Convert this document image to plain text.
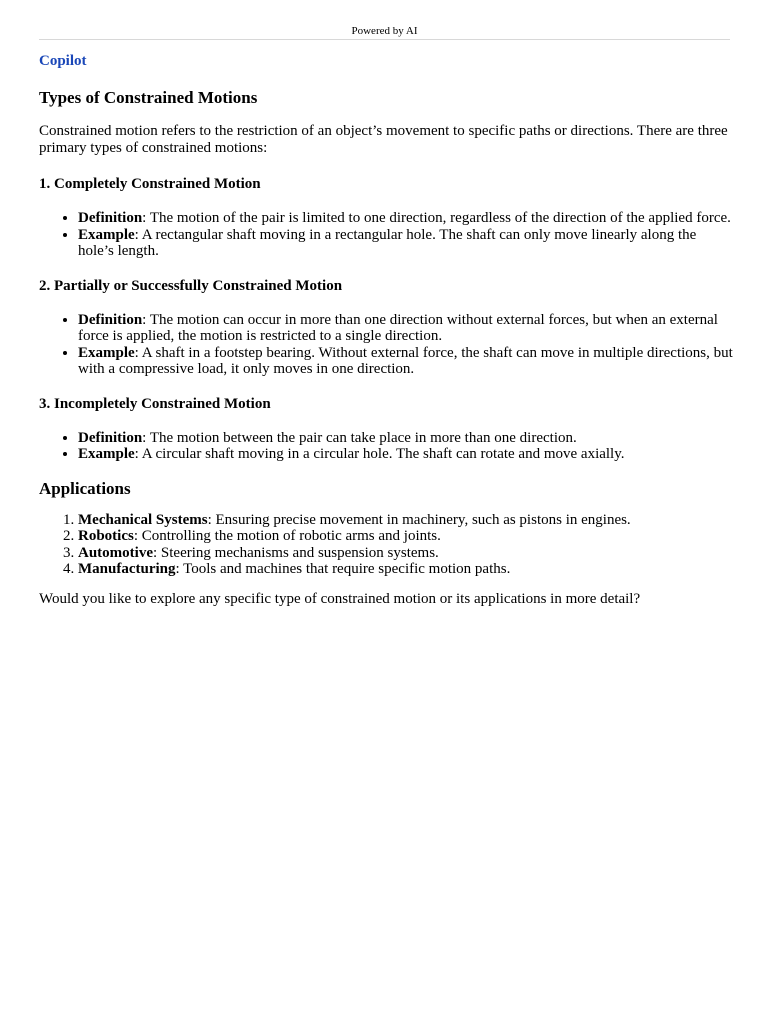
Powered by AI
Copilot
Types of Constrained Motions

Constrained motion refers to the restriction of an object’s movement to specific paths or directions. There are three primary types of constrained motions:

1. Completely Constrained Motion
• Definition: The motion of the pair is limited to one direction, regardless of the direction of the applied force.
• Example: A rectangular shaft moving in a rectangular hole. The shaft can only move linearly along the hole’s length.
2. Partially or Successfully Constrained Motion
• Definition: The motion can occur in more than one direction without external forces, but when an external force is applied, the motion is restricted to a single direction.
• Example: A shaft in a footstep bearing. Without external force, the shaft can move in multiple directions, but with a compressive load, it only moves in one direction.
3. Incompletely Constrained Motion
• Definition: The motion between the pair can take place in more than one direction.
• Example: A circular shaft moving in a circular hole. The shaft can rotate and move axially.
Applications
1. Mechanical Systems: Ensuring precise movement in machinery, such as pistons in engines.
2. Robotics: Controlling the motion of robotic arms and joints.
3. Automotive: Steering mechanisms and suspension systems.
4. Manufacturing: Tools and machines that require specific motion paths.

Would you like to explore any specific type of constrained motion or its applications in more detail?
